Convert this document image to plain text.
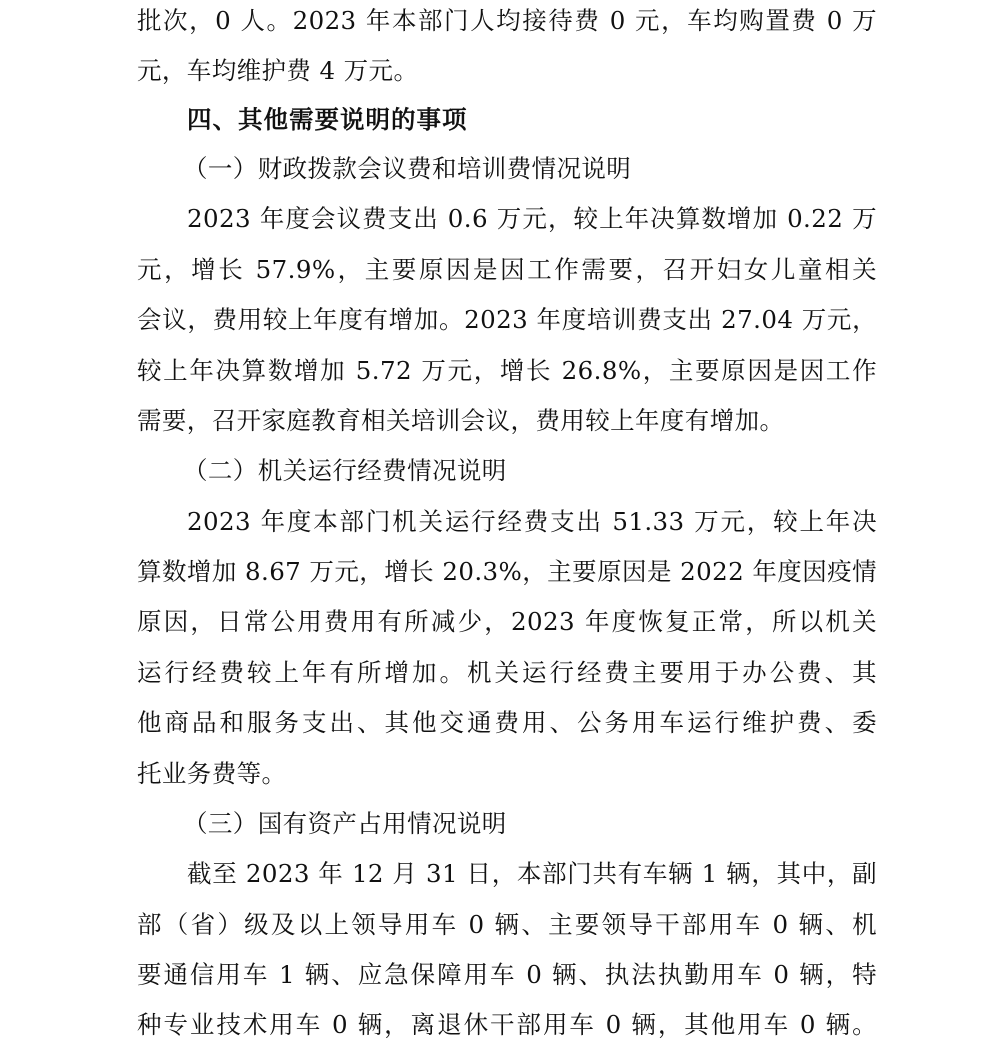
批次，0 人。2023 年本部门人均接待费 0 元，车均购置费 0 万
元，车均维护费 4 万元。
四、其他需要说明的事项
（一）财政拨款会议费和培训费情况说明
2023 年度会议费支出 0.6 万元，较上年决算数增加 0.22 万
元，增长 57.9%，主要原因是因工作需要，召开妇女儿童相关
会议，费用较上年度有增加。2023 年度培训费支出 27.04 万元，
较上年决算数增加 5.72 万元，增长 26.8%，主要原因是因工作
需要，召开家庭教育相关培训会议，费用较上年度有增加。
（二）机关运行经费情况说明
2023 年度本部门机关运行经费支出 51.33 万元，较上年决
算数增加 8.67 万元，增长 20.3%，主要原因是 2022 年度因疫情
原因，日常公用费用有所减少，2023 年度恢复正常，所以机关
运行经费较上年有所增加。机关运行经费主要用于办公费、其
他商品和服务支出、其他交通费用、公务用车运行维护费、委
托业务费等。
（三）国有资产占用情况说明
截至 2023 年 12 月 31 日，本部门共有车辆 1 辆，其中，副
部（省）级及以上领导用车 0 辆、主要领导干部用车 0 辆、机
要通信用车 1 辆、应急保障用车 0 辆、执法执勤用车 0 辆，特
种专业技术用车 0 辆，离退休干部用车 0 辆，其他用车 0 辆。
